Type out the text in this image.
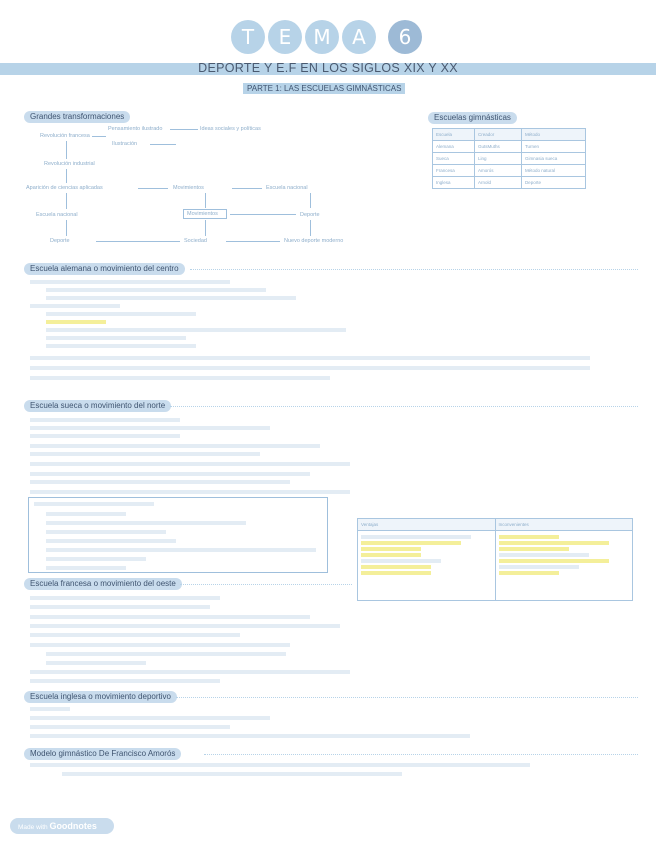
T	E	M	A	6
DEPORTE Y E.F EN LOS SIGLOS XIX Y XX
PARTE 1: LAS ESCUELAS GIMNÁSTICAS
Grandes transformaciones
Revolución francesa
Pensamiento ilustrado	Ideas sociales y políticas
Ilustración
Revolución industrial
Aparición de ciencias aplicadas	Movimientos	Escuela nacional
Escuela nacional	Movimientos	Deporte
Deporte	Sociedad	Nuevo deporte moderno
Escuelas gimnásticas
Escuela	Creador	Método
Alemana	GutsMuths	Turnen
Sueca	Ling	Gimnasia sueca
Francesa	Amorós	Método natural
Inglesa	Arnold	Deporte
Escuela alemana o movimiento del centro
Escuela sueca o movimiento del norte
Ventajas	Inconvenientes

Escuela francesa o movimiento del oeste
Escuela inglesa o movimiento deportivo
Modelo gimnástico De Francisco Amorós
Made with Goodnotes
